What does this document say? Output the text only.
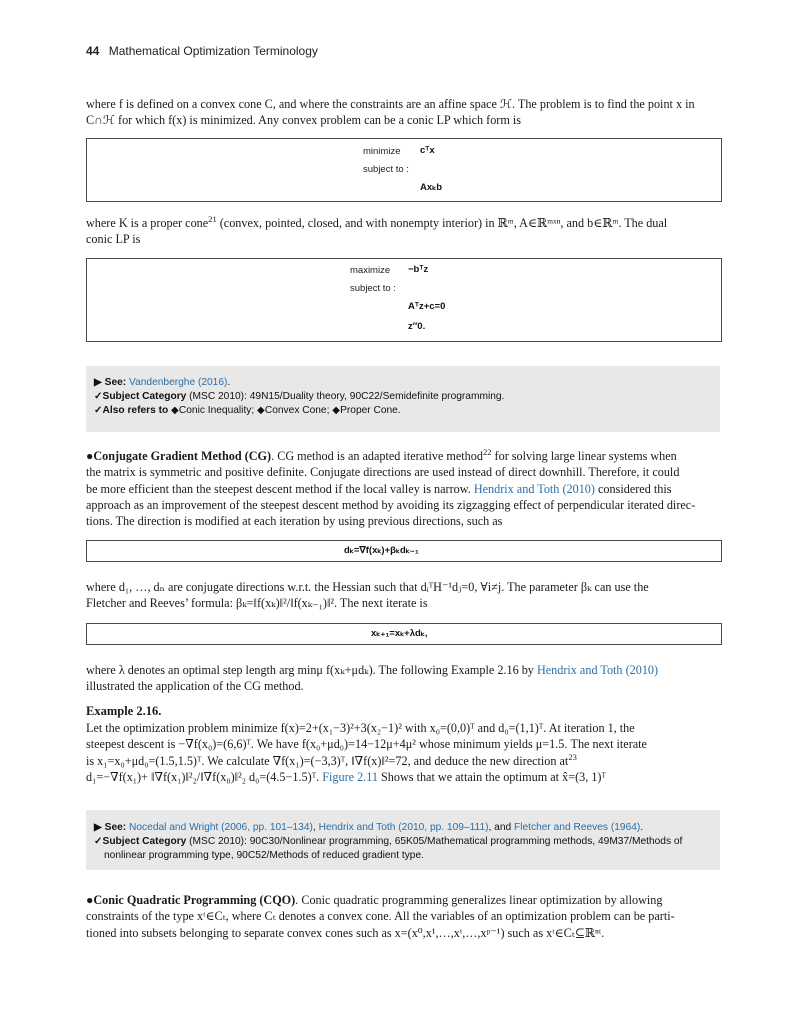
44 Mathematical Optimization Terminology
where f is defined on a convex cone C, and where the constraints are an affine space ℋ. The problem is to find the point x in
C∩ℋ for which f(x) is minimized. Any convex problem can be a conic LP which form is
minimize cᵀx
subject to :
Axₖb
where K is a proper cone$^{21}$ (convex, pointed, closed, and with nonempty interior) in ℝᵐ, A∈ℝᵐˣⁿ, and b∈ℝᵐ. The dual
conic LP is
maximize −bᵀz
subject to :
Aᵀz+c=0
z″0.
▶ See: Vandenberghe (2016).
✓Subject Category (MSC 2010): 49N15/Duality theory, 90C22/Semidefinite programming.
✓Also refers to ◆Conic Inequality; ◆Convex Cone; ◆Proper Cone.
●Conjugate Gradient Method (CG). CG method is an adapted iterative method$^{22}$ for solving large linear systems when
the matrix is symmetric and positive definite. Conjugate directions are used instead of direct downhill. Therefore, it could
be more efficient than the steepest descent method if the local valley is narrow. Hendrix and Toth (2010) considered this
approach as an improvement of the steepest descent method by avoiding its zigzagging effect of perpendicular iterated direc-
tions. The direction is modified at each iteration by using previous directions, such as
dₖ=∇f(xₖ)+βₖdₖ₋₁
where d₁, …, dₙ are conjugate directions w.r.t. the Hessian such that dᵢᵀH⁻¹dⱼ=0, ∀i≠j. The parameter βₖ can use the
Fletcher and Reeves’ formula: βₖ=‖f(xₖ)‖²/‖f(xₖ₋₁)‖². The next iterate is
xₖ₊₁=xₖ+λdₖ,
where λ denotes an optimal step length arg minμ f(xₖ+μdₖ). The following Example 2.16 by Hendrix and Toth (2010)
illustrated the application of the CG method.
Example 2.16.
Let the optimization problem minimize f(x)=2+(x₁−3)²+3(x₂−1)² with x₀=(0,0)ᵀ and d₀=(1,1)ᵀ. At iteration 1, the
steepest descent is −∇f(x₀)=(6,6)ᵀ. We have f(x₀+μd₀)=14−12μ+4μ² whose minimum yields μ=1.5. The next iterate
is x₁=x₀+μd₀=(1.5,1.5)ᵀ. We calculate ∇f(x₁)=(−3,3)ᵀ, ‖∇f(x)‖²=72, and deduce the new direction $at^{23}$
d₁=−∇f(x₁)+ ‖∇f(x₁)‖²₂/‖∇f(x₀)‖²₂ d₀=(4.5−1.5)ᵀ. Figure 2.11 Shows that we attain the optimum at x̂=(3, 1)ᵀ
▶ See: Nocedal and Wright (2006, pp. 101–134), Hendrix and Toth (2010, pp. 109–111), and Fletcher and Reeves (1964).
✓Subject Category (MSC 2010): 90C30/Nonlinear programming, 65K05/Mathematical programming methods, 49M37/Methods of
nonlinear programming type, 90C52/Methods of reduced gradient type.
●Conic Quadratic Programming (CQO). Conic quadratic programming generalizes linear optimization by allowing
constraints of the type xᵗ∈Cₜ, where Cₜ denotes a convex cone. All the variables of an optimization problem can be parti-
tioned into subsets belonging to separate convex cones such as x=(x⁰,x¹,…,xᵗ,…,xᵖ⁻¹) such as xᵗ∈Cₜ⊆ℝⁿᵗ.
